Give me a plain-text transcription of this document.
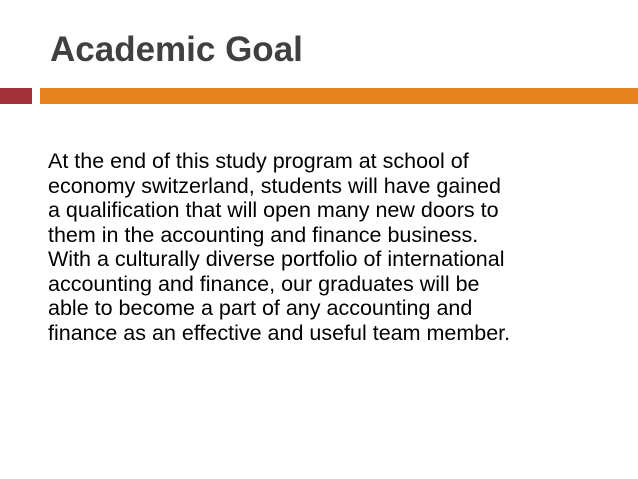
Academic Goal

At the end of this study program at school of
economy switzerland, students will have gained
a qualification that will open many new doors to
them in the accounting and finance business.
With a culturally diverse portfolio of international
accounting and finance, our graduates will be
able to become a part of any accounting and
finance as an effective and useful team member.
